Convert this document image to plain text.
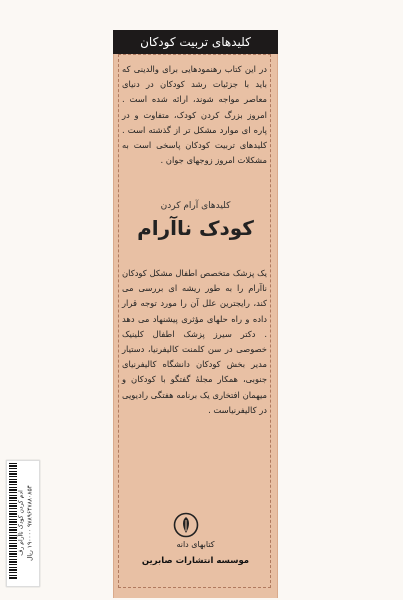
کلیدهای تربیت کودکان
در این کتاب رهنمودهایی برای والدینی که باید با جزئیات رشد کودکان در دنیای معاصر مواجه شوند، ارائه شده است . امروز بزرگ کردن کودک، متفاوت و در پاره ای موارد مشکل تر از گذشته است . کلیدهای تربیت کودکان پاسخی است به مشکلات امروز زوجهای جوان .
کلیدهای آرام کردن
کودک ناآرام
یک پزشک متخصص اطفال مشکل کودکان ناآرام را به طور ریشه ای بررسی می کند، رایجترین علل آن را مورد توجه قرار داده و راه حلهای مؤثری پیشنهاد می دهد . دکتر سیرز پزشک اطفال کلینیک خصوصی در سن کلمنت کالیفرنیا، دستیار مدیر بخش کودکان دانشگاه کالیفرنیای جنوبی، همکار مجلهٔ گفتگو با کودکان و میهمان افتخاری یک برنامه هفتگی رادیویی در کالیفرنیاست .
کتابهای دانه
موسسه انتشارات صابرین
ادم کردن کودک ناآرام رف ۹۷۸۹۶۴۷۸۸۰۸۵۴ ۱۹۰۰۰۰ ریال
